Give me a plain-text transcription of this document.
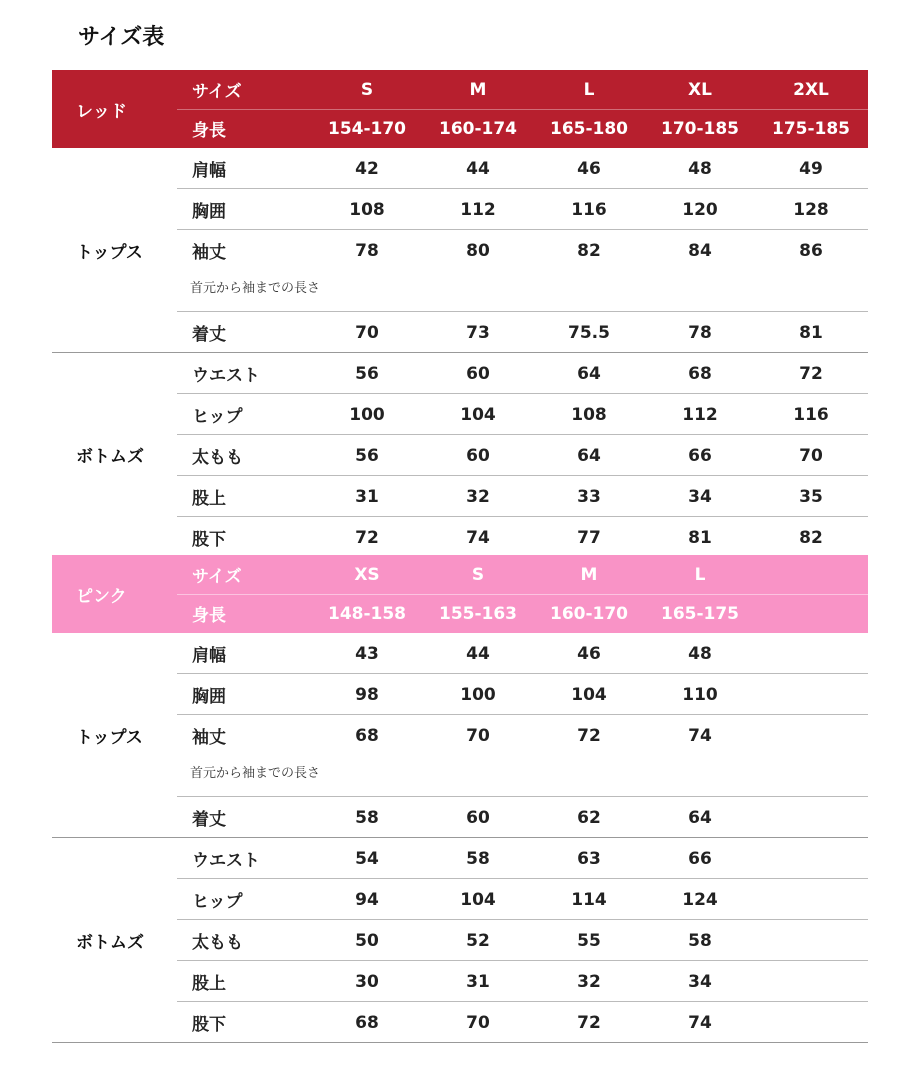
サイズ表
レッド
サイズ	S	M	L	XL	2XL
身長	154-170	160-174	165-180	170-185	175-185
トップス
肩幅	42	44	46	48	49
胸囲	108	112	116	120	128
袖丈	78	80	82	84	86
首元から袖までの長さ
着丈	70	73	75.5	78	81
ボトムズ
ウエスト	56	60	64	68	72
ヒップ	100	104	108	112	116
太もも	56	60	64	66	70
股上	31	32	33	34	35
股下	72	74	77	81	82
ピンク
サイズ	XS	S	M	L
身長	148-158	155-163	160-170	165-175
トップス
肩幅	43	44	46	48
胸囲	98	100	104	110
袖丈	68	70	72	74
首元から袖までの長さ
着丈	58	60	62	64
ボトムズ
ウエスト	54	58	63	66
ヒップ	94	104	114	124
太もも	50	52	55	58
股上	30	31	32	34
股下	68	70	72	74
